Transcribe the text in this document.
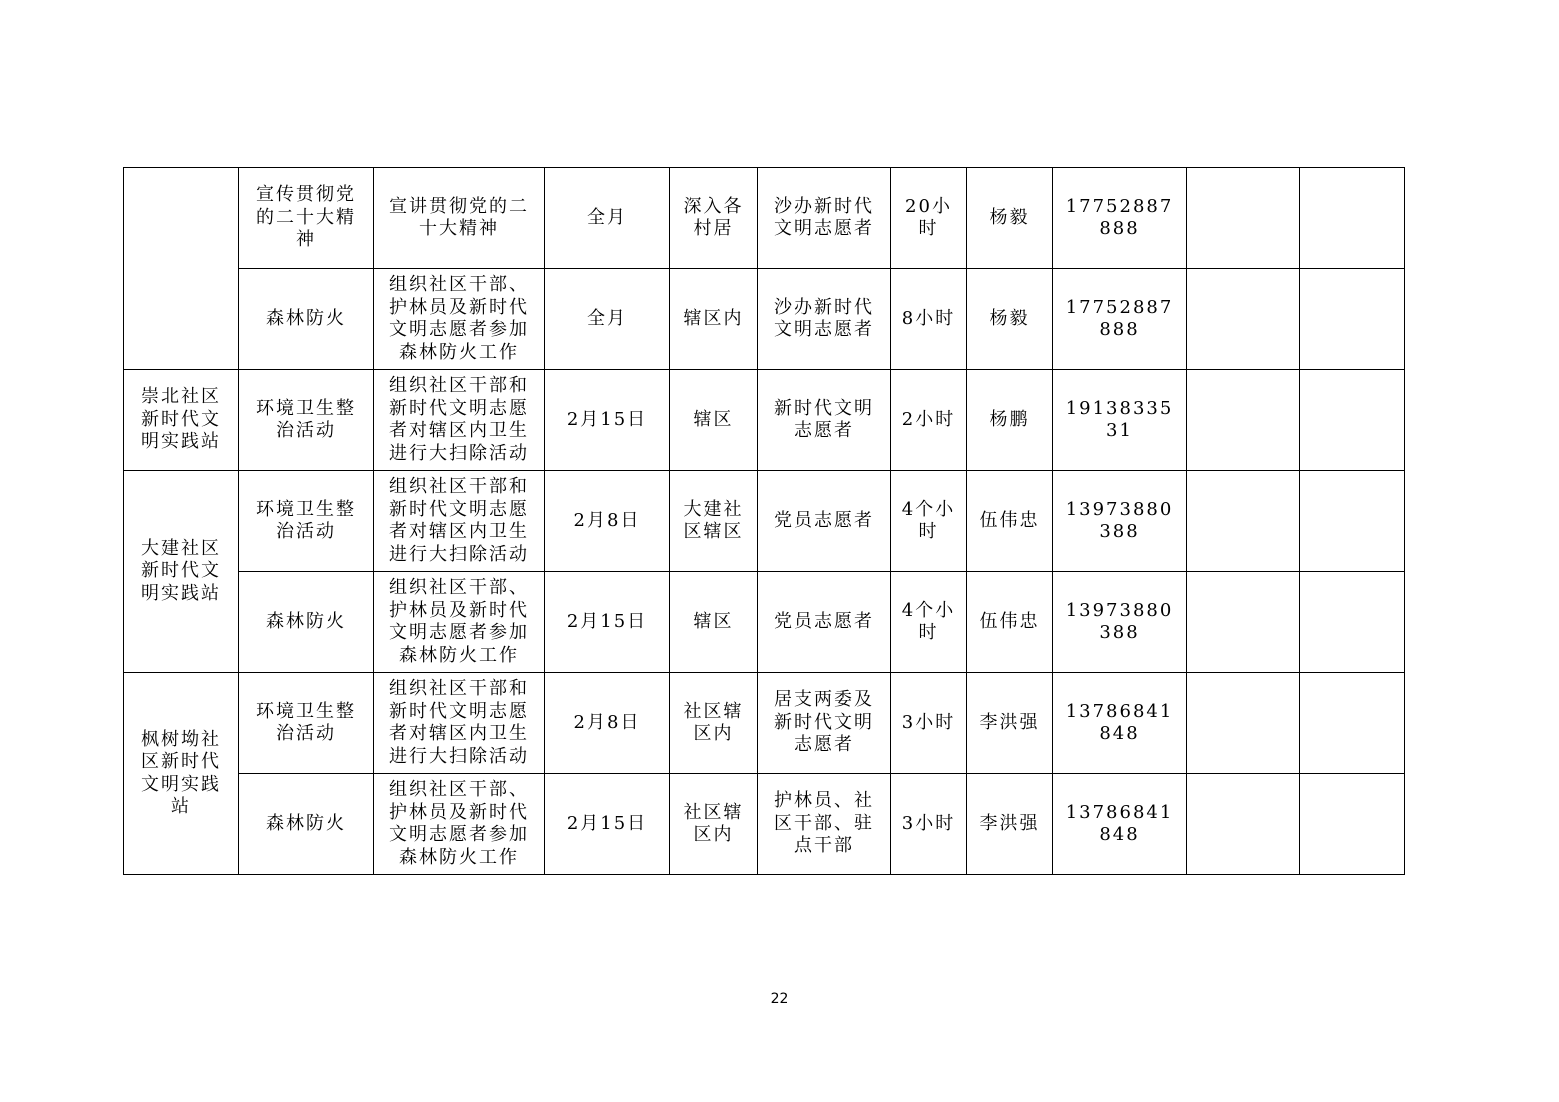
	宣传贯彻党的二十大精神	宣讲贯彻党的二十大精神	全月	深入各村居	沙办新时代文明志愿者	20小时	杨毅	17752887888		
	森林防火	组织社区干部、护林员及新时代文明志愿者参加森林防火工作	全月	辖区内	沙办新时代文明志愿者	8小时	杨毅	17752887888		
崇北社区新时代文明实践站	环境卫生整治活动	组织社区干部和新时代文明志愿者对辖区内卫生进行大扫除活动	2月15日	辖区	新时代文明志愿者	2小时	杨鹏	1913833531		
大建社区新时代文明实践站	环境卫生整治活动	组织社区干部和新时代文明志愿者对辖区内卫生进行大扫除活动	2月8日	大建社区辖区	党员志愿者	4个小时	伍伟忠	13973880388		
	森林防火	组织社区干部、护林员及新时代文明志愿者参加森林防火工作	2月15日	辖区	党员志愿者	4个小时	伍伟忠	13973880388		
枫树坳社区新时代文明实践站	环境卫生整治活动	组织社区干部和新时代文明志愿者对辖区内卫生进行大扫除活动	2月8日	社区辖区内	居支两委及新时代文明志愿者	3小时	李洪强	13786841848		
	森林防火	组织社区干部、护林员及新时代文明志愿者参加森林防火工作	2月15日	社区辖区内	护林员、社区干部、驻点干部	3小时	李洪强	13786841848		
22
